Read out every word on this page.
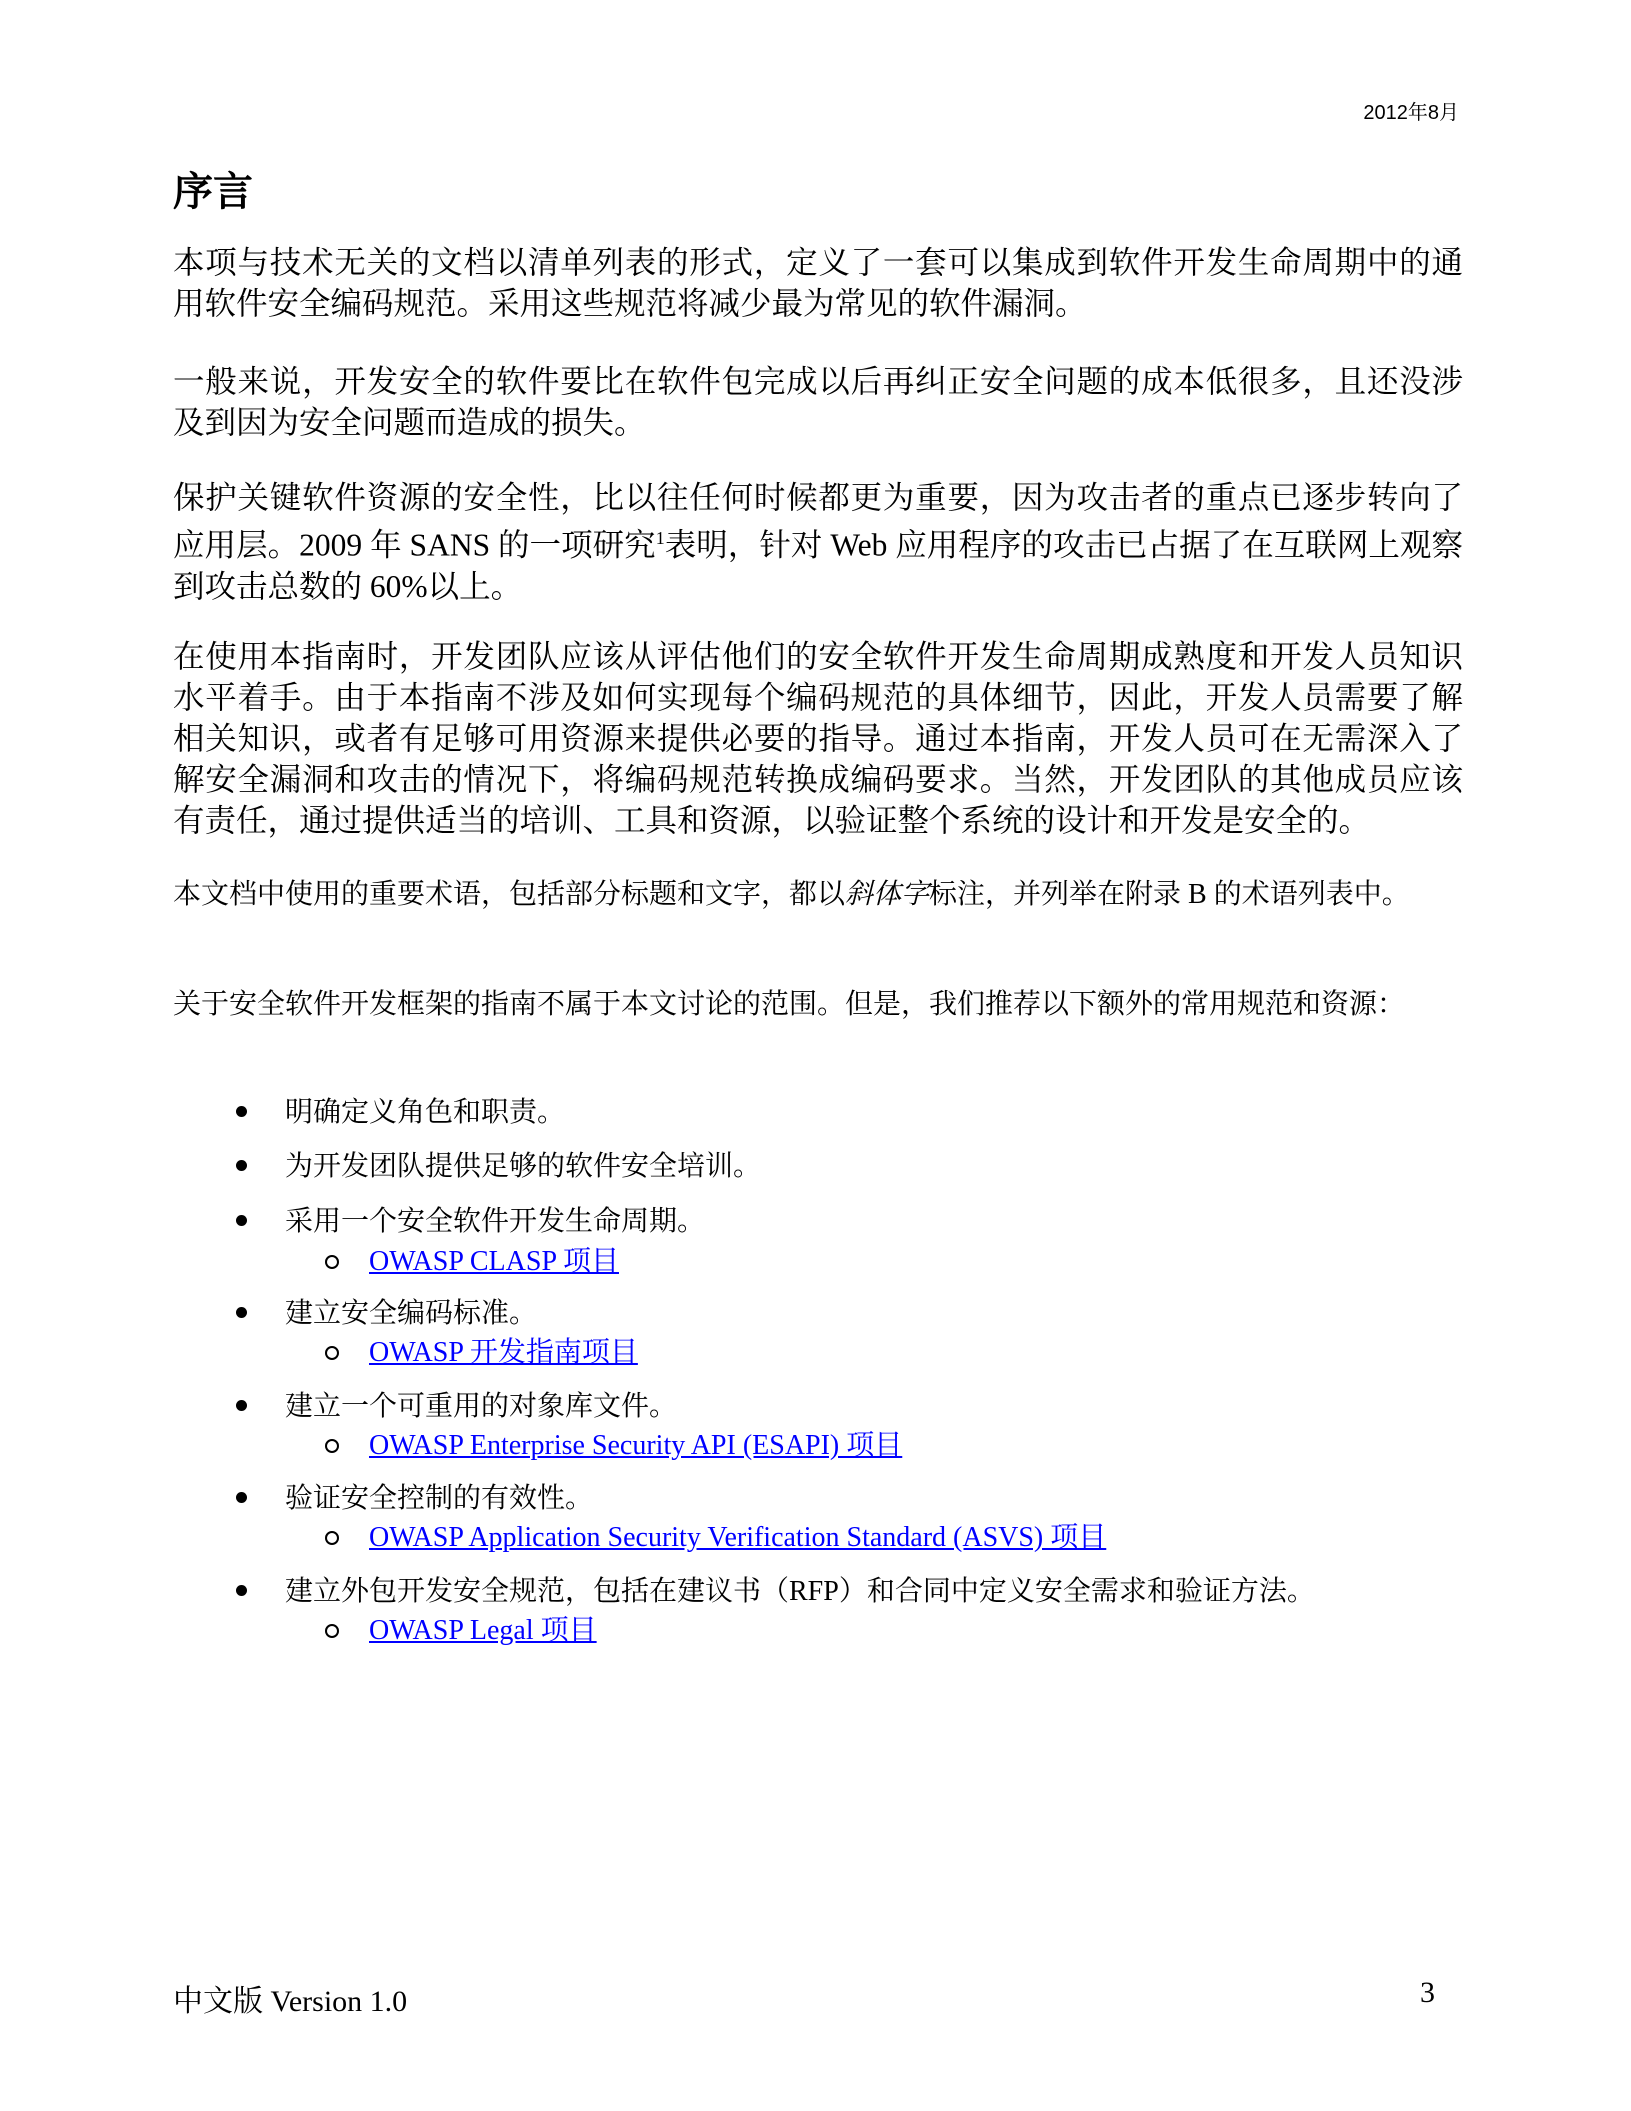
2012年8月
序言
本项与技术无关的文档以清单列表的形式，定义了一套可以集成到软件开发生命周期中的通用软件安全编码规范。采用这些规范将减少最为常见的软件漏洞。
一般来说，开发安全的软件要比在软件包完成以后再纠正安全问题的成本低很多，且还没涉及到因为安全问题而造成的损失。
保护关键软件资源的安全性，比以往任何时候都更为重要，因为攻击者的重点已逐步转向了应用层。2009 年 SANS 的一项研究$^1$表明，针对 Web 应用程序的攻击已占据了在互联网上观察到攻击总数的 60%以上。
在使用本指南时，开发团队应该从评估他们的安全软件开发生命周期成熟度和开发人员知识水平着手。由于本指南不涉及如何实现每个编码规范的具体细节，因此，开发人员需要了解相关知识，或者有足够可用资源来提供必要的指导。通过本指南，开发人员可在无需深入了解安全漏洞和攻击的情况下，将编码规范转换成编码要求。当然，开发团队的其他成员应该有责任，通过提供适当的培训、工具和资源，以验证整个系统的设计和开发是安全的。
本文档中使用的重要术语，包括部分标题和文字，都以斜体字标注，并列举在附录 B 的术语列表中。
关于安全软件开发框架的指南不属于本文讨论的范围。但是，我们推荐以下额外的常用规范和资源：
明确定义角色和职责。
为开发团队提供足够的软件安全培训。
采用一个安全软件开发生命周期。
OWASP CLASP 项目
建立安全编码标准。
OWASP 开发指南项目
建立一个可重用的对象库文件。
OWASP Enterprise Security API (ESAPI) 项目
验证安全控制的有效性。
OWASP Application Security Verification Standard (ASVS) 项目
建立外包开发安全规范，包括在建议书（RFP）和合同中定义安全需求和验证方法。
OWASP Legal 项目
中文版 Version 1.0	3
